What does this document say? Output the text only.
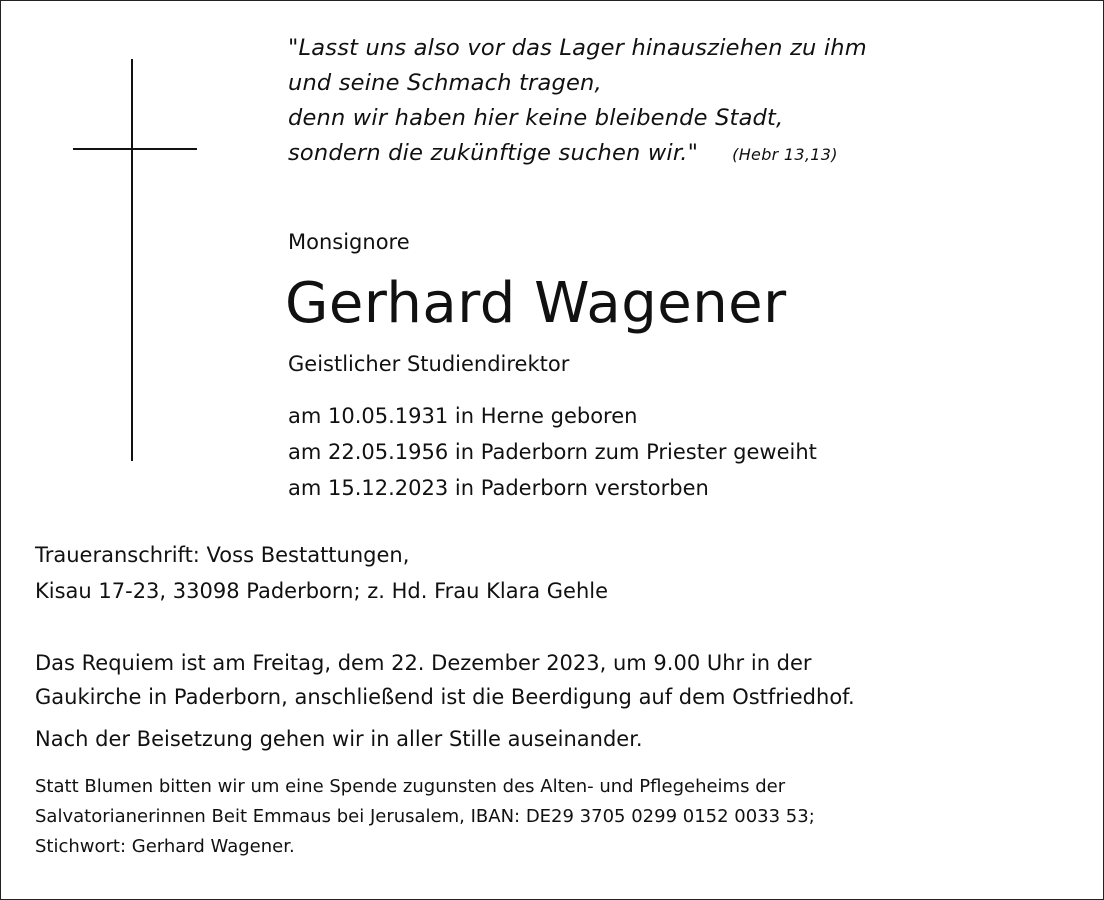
"Lasst uns also vor das Lager hinausziehen zu ihm
und seine Schmach tragen,
denn wir haben hier keine bleibende Stadt,
sondern die zukünftige suchen wir." (Hebr 13,13)
Monsignore
Gerhard Wagener
Geistlicher Studiendirektor
am 10.05.1931 in Herne geboren
am 22.05.1956 in Paderborn zum Priester geweiht
am 15.12.2023 in Paderborn verstorben
Traueranschrift: Voss Bestattungen,
Kisau 17-23, 33098 Paderborn; z. Hd. Frau Klara Gehle
Das Requiem ist am Freitag, dem 22. Dezember 2023, um 9.00 Uhr in der
Gaukirche in Paderborn, anschließend ist die Beerdigung auf dem Ostfriedhof.
Nach der Beisetzung gehen wir in aller Stille auseinander.
Statt Blumen bitten wir um eine Spende zugunsten des Alten- und Pflegeheims der
Salvatorianerinnen Beit Emmaus bei Jerusalem, IBAN: DE29 3705 0299 0152 0033 53;
Stichwort: Gerhard Wagener.
